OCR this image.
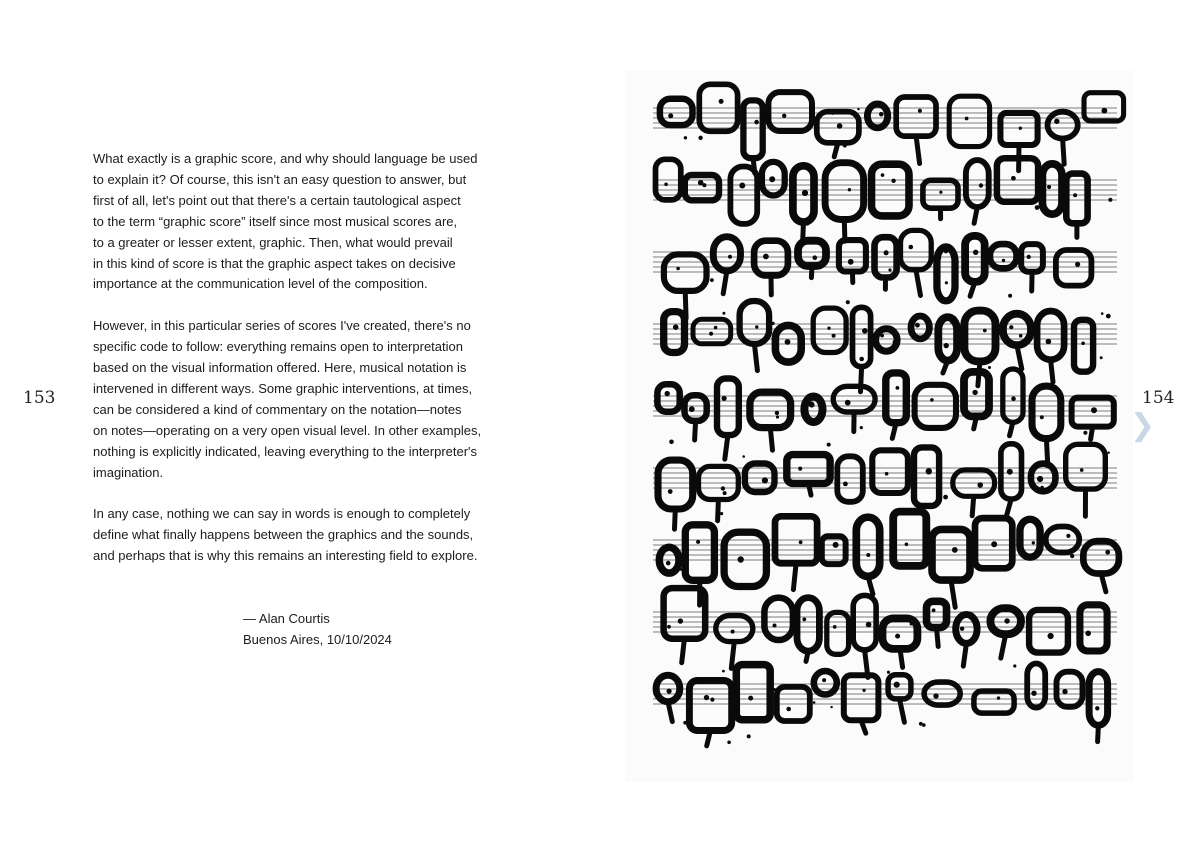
153	154
What exactly is a graphic score, and why should language be used
to explain it? Of course, this isn't an easy question to answer, but
first of all, let's point out that there's a certain tautological aspect
to the term “graphic score” itself since most musical scores are,
to a greater or lesser extent, graphic. Then, what would prevail
in this kind of score is that the graphic aspect takes on decisive
importance at the communication level of the composition.
However, in this particular series of scores I've created, there's no
specific code to follow: everything remains open to interpretation
based on the visual information offered. Here, musical notation is
intervened in different ways. Some graphic interventions, at times,
can be considered a kind of commentary on the notation—notes
on notes—operating on a very open visual level. In other examples,
nothing is explicitly indicated, leaving everything to the interpreter's
imagination.
In any case, nothing we can say in words is enough to completely
define what finally happens between the graphics and the sounds,
and perhaps that is why this remains an interesting field to explore.
— Alan Courtis
Buenos Aires, 10/10/2024
❯
